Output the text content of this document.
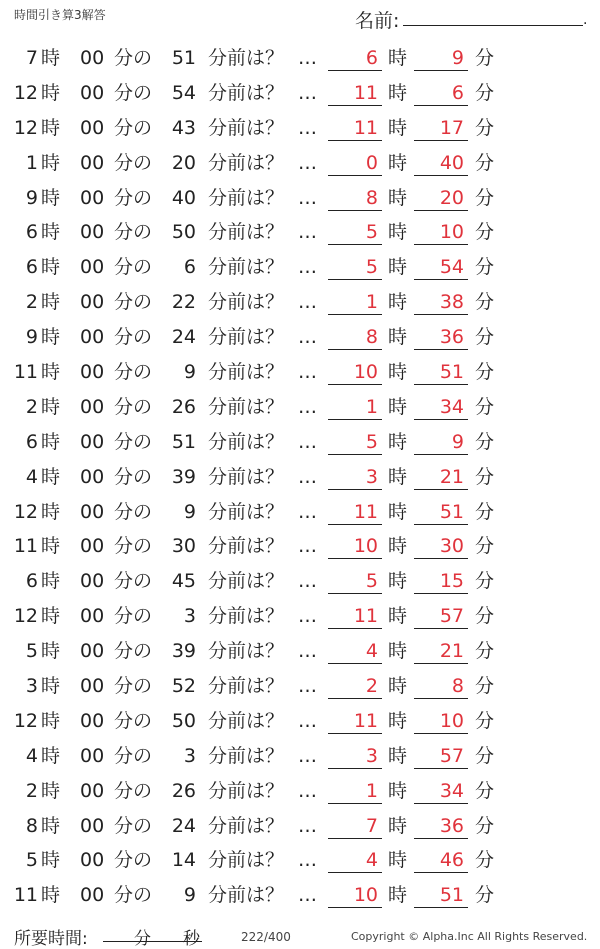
時間引き算3解答	名前:	.
7 時 00 分の 51 分前は？ …	6 時	9 分
12 時 00 分の 54 分前は？ …	11 時	6 分
12 時 00 分の 43 分前は？ …	11 時	17 分
1 時 00 分の 20 分前は？ …	0 時	40 分
9 時 00 分の 40 分前は？ …	8 時	20 分
6 時 00 分の 50 分前は？ …	5 時	10 分
6 時 00 分の	6 分前は？ …	5 時	54 分
2 時 00 分の 22 分前は？ …	1 時	38 分
9 時 00 分の 24 分前は？ …	8 時	36 分
11 時 00 分の	9 分前は？ …	10 時	51 分
2 時 00 分の 26 分前は？ …	1 時	34 分
6 時 00 分の 51 分前は？ …	5 時	9 分
4 時 00 分の 39 分前は？ …	3 時	21 分
12 時 00 分の	9 分前は？ …	11 時	51 分
11 時 00 分の 30 分前は？ …	10 時	30 分
6 時 00 分の 45 分前は？ …	5 時	15 分
12 時 00 分の	3 分前は？ …	11 時	57 分
5 時 00 分の 39 分前は？ …	4 時	21 分
3 時 00 分の 52 分前は？ …	2 時	8 分
12 時 00 分の 50 分前は？ …	11 時	10 分
4 時 00 分の	3 分前は？ …	3 時	57 分
2 時 00 分の 26 分前は？ …	1 時	34 分
8 時 00 分の 24 分前は？ …	7 時	36 分
5 時 00 分の 14 分前は？ …	4 時	46 分
11 時 00 分の	9 分前は？ …	10 時	51 分
所要時間:	分 秒	222/400	Copyright © Alpha.Inc All Rights Reserved.
